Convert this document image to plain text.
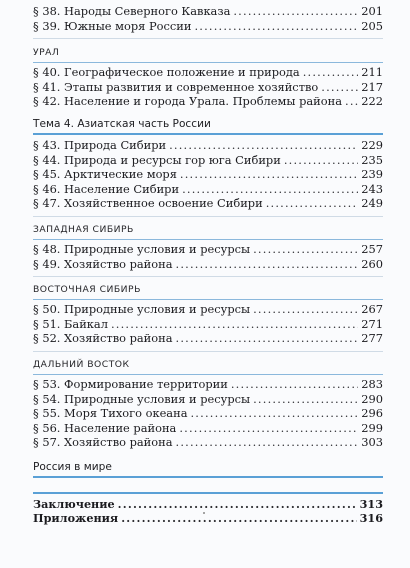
§ 38. Народы Северного Кавказа .....	201
§ 39. Южные моря России .....	205
УРАЛ
§ 40. Географическое положение и природа .....	211
§ 41. Этапы развития и современное хозяйство .....	217
§ 42. Население и города Урала. Проблемы района ..... 222
Тема 4. Азиатская часть России
§ 43. Природа Сибири .....	229
§ 44. Природа и ресурсы гор юга Сибири .....	235
§ 45. Арктические моря .....	239
§ 46. Население Сибири .....	243
§ 47. Хозяйственное освоение Сибири .....	249
ЗАПАДНАЯ СИБИРЬ
§ 48. Природные условия и ресурсы .....	257
§ 49. Хозяйство района .....	260
ВОСТОЧНАЯ СИБИРЬ
§ 50. Природные условия и ресурсы .....	267
§ 51. Байкал .....	271
§ 52. Хозяйство района .....	277
ДАЛЬНИЙ ВОСТОК
§ 53. Формирование территории .....	283
§ 54. Природные условия и ресурсы .....	290
§ 55. Моря Тихого океана .....	296
§ 56. Население района .....	299
§ 57. Хозяйство района .....	303
Россия в мире
Заключение .....	313
Приложения .....	316
